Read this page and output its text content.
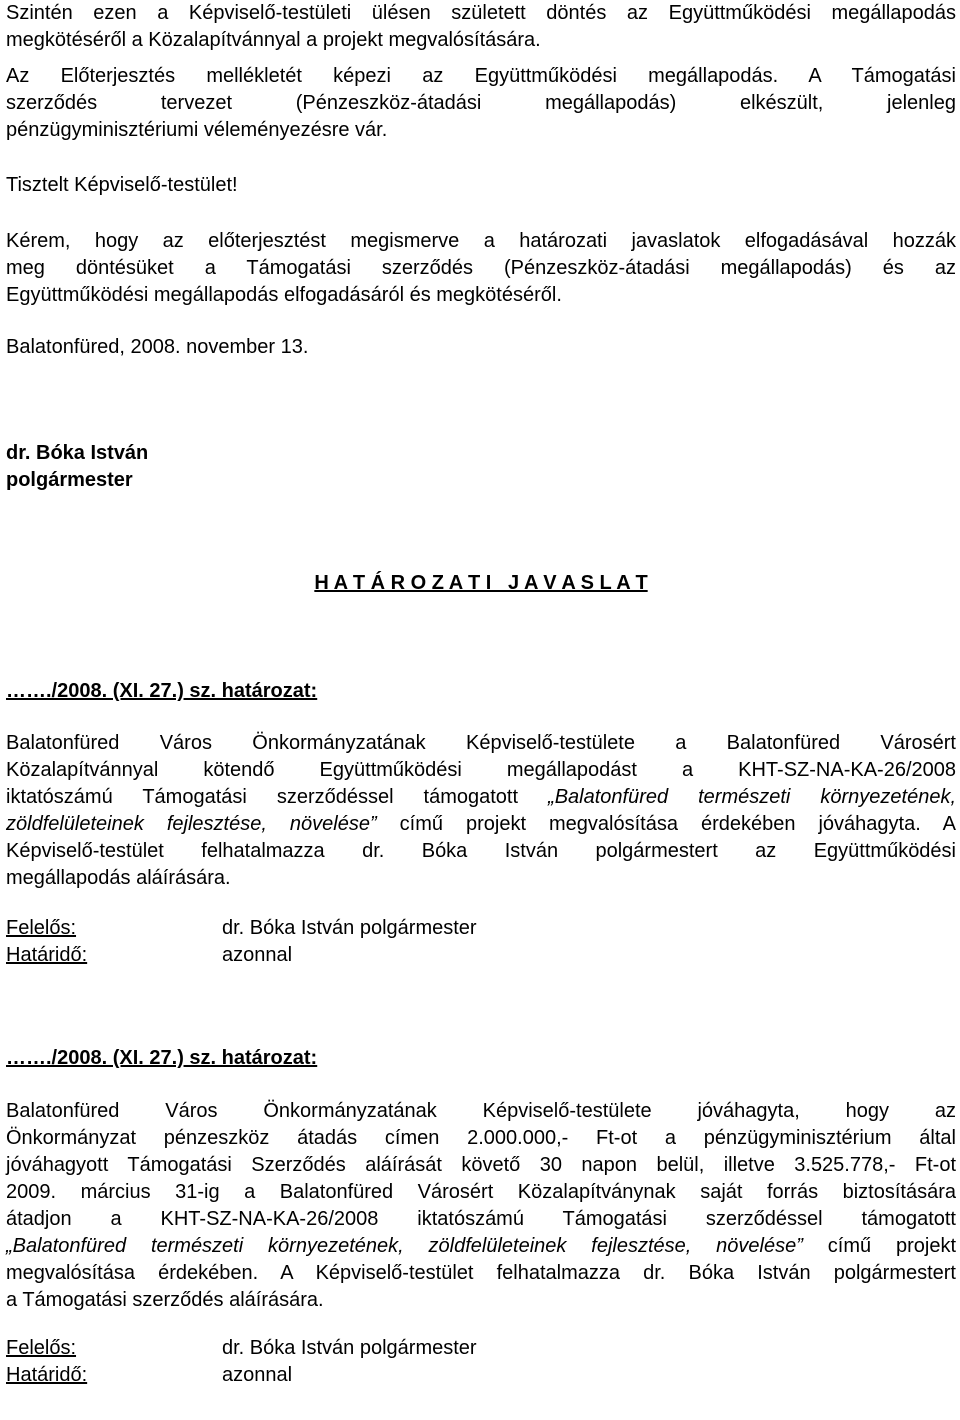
Szintén ezen a Képviselő-testületi ülésen született döntés az Együttműködési megállapodás
megkötéséről a Közalapítvánnyal a projekt megvalósítására.
Az Előterjesztés mellékletét képezi az Együttműködési megállapodás. A Támogatási
szerződés tervezet (Pénzeszköz-átadási megállapodás) elkészült, jelenleg
pénzügyminisztériumi véleményezésre vár.
Tisztelt Képviselő-testület!
Kérem, hogy az előterjesztést megismerve a határozati javaslatok elfogadásával hozzák
meg döntésüket a Támogatási szerződés (Pénzeszköz-átadási megállapodás) és az
Együttműködési megállapodás elfogadásáról és megkötéséről.
Balatonfüred, 2008. november 13.
dr. Bóka István
polgármester
H A T Á R O Z A T I   J A V A S L A T
……./2008. (XI. 27.) sz. határozat:
Balatonfüred Város Önkormányzatának Képviselő-testülete a Balatonfüred Városért
Közalapítvánnyal kötendő Együttműködési megállapodást a KHT-SZ-NA-KA-26/2008
iktatószámú Támogatási szerződéssel támogatott „Balatonfüred természeti környezetének,
zöldfelületeinek fejlesztése, növelése” című projekt megvalósítása érdekében jóváhagyta. A
Képviselő-testület felhatalmazza dr. Bóka István polgármestert az Együttműködési
megállapodás aláírására.
Felelős:	dr. Bóka István polgármester
Határidő:	azonnal
……./2008. (XI. 27.) sz. határozat:
Balatonfüred Város Önkormányzatának Képviselő-testülete jóváhagyta, hogy az
Önkormányzat pénzeszköz átadás címen 2.000.000,- Ft-ot a pénzügyminisztérium által
jóváhagyott Támogatási Szerződés aláírását követő 30 napon belül, illetve 3.525.778,- Ft-ot
2009. március 31-ig a Balatonfüred Városért Közalapítványnak saját forrás biztosítására
átadjon a KHT-SZ-NA-KA-26/2008 iktatószámú Támogatási szerződéssel támogatott
„Balatonfüred természeti környezetének, zöldfelületeinek fejlesztése, növelése” című projekt
megvalósítása érdekében. A Képviselő-testület felhatalmazza dr. Bóka István polgármestert
a Támogatási szerződés aláírására.
Felelős:	dr. Bóka István polgármester
Határidő:	azonnal
